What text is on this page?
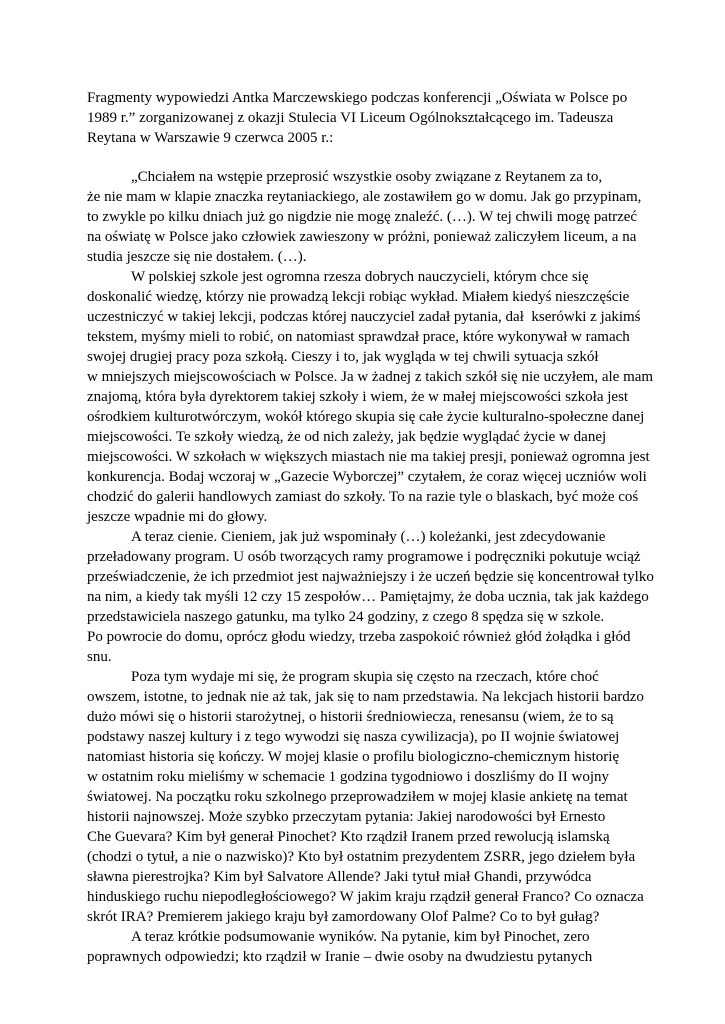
Fragmenty wypowiedzi Antka Marczewskiego podczas konferencji „Oświata w Polsce po
1989 r.” zorganizowanej z okazji Stulecia VI Liceum Ogólnokształcącego im. Tadeusza
Reytana w Warszawie 9 czerwca 2005 r.:
„Chciałem na wstępie przeprosić wszystkie osoby związane z Reytanem za to,
że nie mam w klapie znaczka reytaniackiego, ale zostawiłem go w domu. Jak go przypinam,
to zwykle po kilku dniach już go nigdzie nie mogę znaleźć. (…). W tej chwili mogę patrzeć
na oświatę w Polsce jako człowiek zawieszony w próżni, ponieważ zaliczyłem liceum, a na
studia jeszcze się nie dostałem. (…).
W polskiej szkole jest ogromna rzesza dobrych nauczycieli, którym chce się
doskonalić wiedzę, którzy nie prowadzą lekcji robiąc wykład. Miałem kiedyś nieszczęście
uczestniczyć w takiej lekcji, podczas której nauczyciel zadał pytania, dał  kserówki z jakimś
tekstem, myśmy mieli to robić, on natomiast sprawdzał prace, które wykonywał w ramach
swojej drugiej pracy poza szkołą. Cieszy i to, jak wygląda w tej chwili sytuacja szkół
w mniejszych miejscowościach w Polsce. Ja w żadnej z takich szkół się nie uczyłem, ale mam
znajomą, która była dyrektorem takiej szkoły i wiem, że w małej miejscowości szkoła jest
ośrodkiem kulturotwórczym, wokół którego skupia się całe życie kulturalno-społeczne danej
miejscowości. Te szkoły wiedzą, że od nich zależy, jak będzie wyglądać życie w danej
miejscowości. W szkołach w większych miastach nie ma takiej presji, ponieważ ogromna jest
konkurencja. Bodaj wczoraj w „Gazecie Wyborczej” czytałem, że coraz więcej uczniów woli
chodzić do galerii handlowych zamiast do szkoły. To na razie tyle o blaskach, być może coś
jeszcze wpadnie mi do głowy.
A teraz cienie. Cieniem, jak już wspominały (…) koleżanki, jest zdecydowanie
przeładowany program. U osób tworzących ramy programowe i podręczniki pokutuje wciąż
przeświadczenie, że ich przedmiot jest najważniejszy i że uczeń będzie się koncentrował tylko
na nim, a kiedy tak myśli 12 czy 15 zespołów… Pamiętajmy, że doba ucznia, tak jak każdego
przedstawiciela naszego gatunku, ma tylko 24 godziny, z czego 8 spędza się w szkole.
Po powrocie do domu, oprócz głodu wiedzy, trzeba zaspokoić również głód żołądka i głód
snu.
Poza tym wydaje mi się, że program skupia się często na rzeczach, które choć
owszem, istotne, to jednak nie aż tak, jak się to nam przedstawia. Na lekcjach historii bardzo
dużo mówi się o historii starożytnej, o historii średniowiecza, renesansu (wiem, że to są
podstawy naszej kultury i z tego wywodzi się nasza cywilizacja), po II wojnie światowej
natomiast historia się kończy. W mojej klasie o profilu biologiczno-chemicznym historię
w ostatnim roku mieliśmy w schemacie 1 godzina tygodniowo i doszliśmy do II wojny
światowej. Na początku roku szkolnego przeprowadziłem w mojej klasie ankietę na temat
historii najnowszej. Może szybko przeczytam pytania: Jakiej narodowości był Ernesto
Che Guevara? Kim był generał Pinochet? Kto rządził Iranem przed rewolucją islamską
(chodzi o tytuł, a nie o nazwisko)? Kto był ostatnim prezydentem ZSRR, jego dziełem była
sławna pierestrojka? Kim był Salvatore Allende? Jaki tytuł miał Ghandi, przywódca
hinduskiego ruchu niepodległościowego? W jakim kraju rządził generał Franco? Co oznacza
skrót IRA? Premierem jakiego kraju był zamordowany Olof Palme? Co to był gułag?
A teraz krótkie podsumowanie wyników. Na pytanie, kim był Pinochet, zero
poprawnych odpowiedzi; kto rządził w Iranie – dwie osoby na dwudziestu pytanych
